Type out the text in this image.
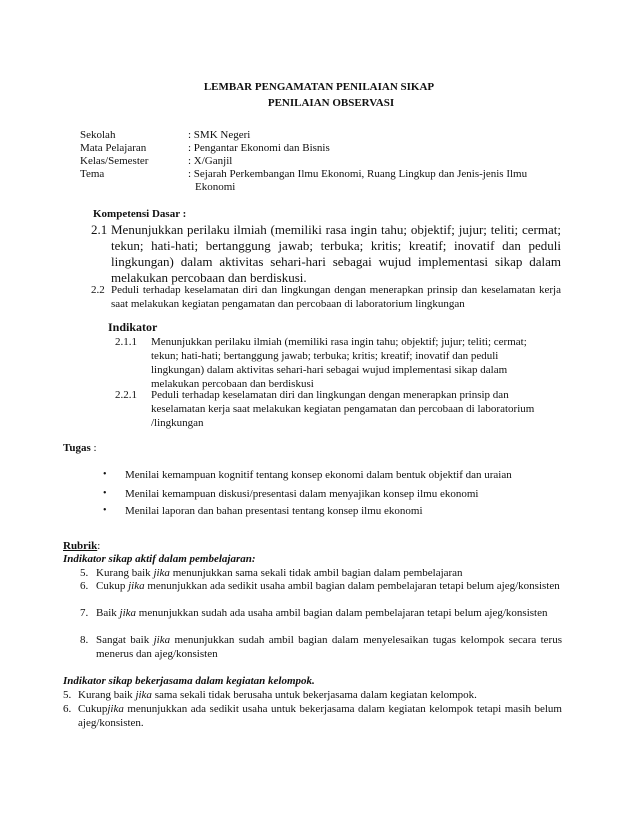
LEMBAR PENGAMATAN PENILAIAN SIKAP
PENILAIAN OBSERVASI
Sekolah	: SMK Negeri
Mata Pelajaran	: Pengantar Ekonomi dan Bisnis
Kelas/Semester	: X/Ganjil
Tema	: Sejarah Perkembangan Ilmu Ekonomi, Ruang Lingkup dan Jenis-jenis Ilmu
Ekonomi
Kompetensi Dasar :
2.1 Menunjukkan perilaku ilmiah (memiliki rasa ingin tahu; objektif; jujur; teliti; cermat; tekun; hati-hati; bertanggung jawab; terbuka; kritis; kreatif; inovatif dan peduli lingkungan) dalam aktivitas sehari-hari sebagai wujud implementasi sikap dalam melakukan percobaan dan berdiskusi.
2.2 Peduli terhadap keselamatan diri dan lingkungan dengan menerapkan prinsip dan keselamatan kerja saat melakukan kegiatan pengamatan dan percobaan di laboratorium lingkungan
Indikator
2.1.1 Menunjukkan perilaku ilmiah (memiliki rasa ingin tahu; objektif; jujur; teliti; cermat; tekun; hati-hati; bertanggung jawab; terbuka; kritis; kreatif; inovatif dan peduli lingkungan) dalam aktivitas sehari-hari sebagai wujud implementasi sikap dalam melakukan percobaan dan berdiskusi
2.2.1 Peduli terhadap keselamatan diri dan lingkungan dengan menerapkan prinsip dan keselamatan kerja saat melakukan kegiatan pengamatan dan percobaan di laboratorium /lingkungan
Tugas :
• Menilai kemampuan kognitif tentang konsep ekonomi dalam bentuk objektif dan uraian
• Menilai kemampuan diskusi/presentasi dalam menyajikan konsep ilmu ekonomi
• Menilai laporan dan bahan presentasi tentang konsep ilmu ekonomi
Rubrik:
Indikator sikap aktif dalam pembelajaran:
5. Kurang baik jika menunjukkan sama sekali tidak ambil bagian dalam pembelajaran
6. Cukup jika menunjukkan ada sedikit usaha ambil bagian dalam pembelajaran tetapi belum ajeg/konsisten
7. Baik jika menunjukkan sudah ada usaha ambil bagian dalam pembelajaran tetapi belum ajeg/konsisten
8. Sangat baik jika menunjukkan sudah ambil bagian dalam menyelesaikan tugas kelompok secara terus menerus dan ajeg/konsisten
Indikator sikap bekerjasama dalam kegiatan kelompok.
5. Kurang baik jika sama sekali tidak berusaha untuk bekerjasama dalam kegiatan kelompok.
6. Cukupjika menunjukkan ada sedikit usaha untuk bekerjasama dalam kegiatan kelompok tetapi masih belum ajeg/konsisten.
